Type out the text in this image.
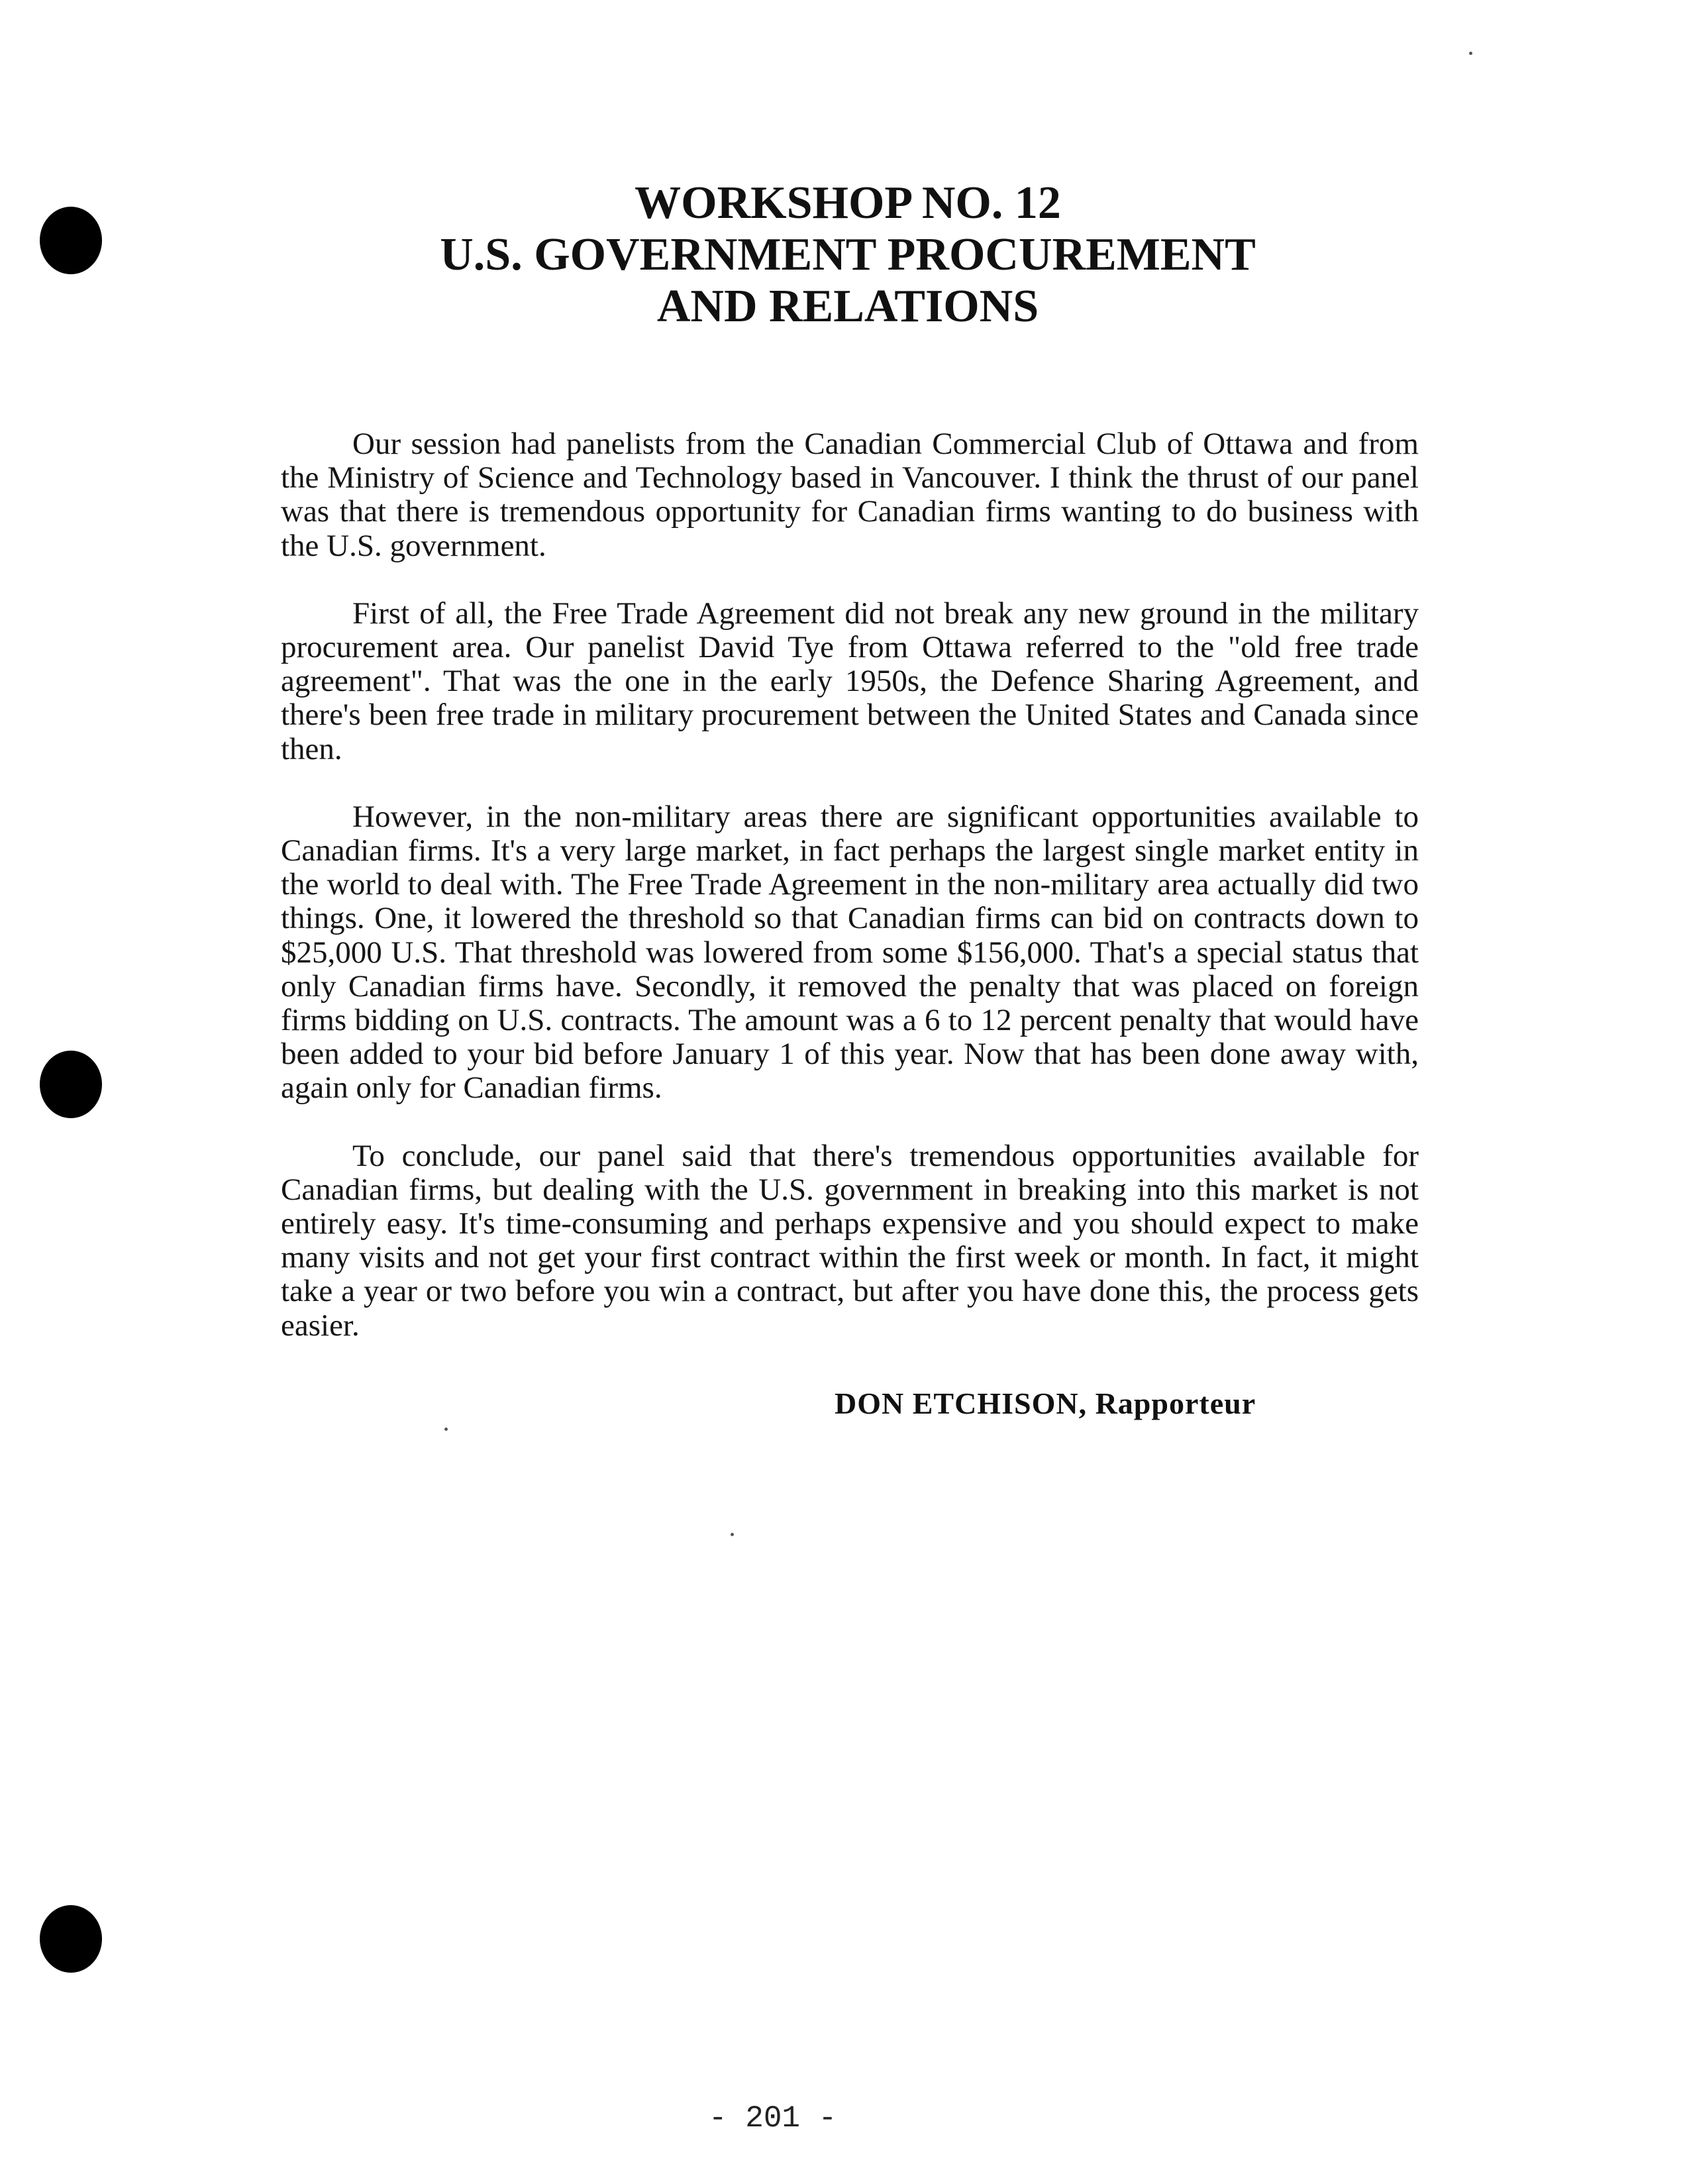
WORKSHOP NO. 12
U.S. GOVERNMENT PROCUREMENT
AND RELATIONS

Our session had panelists from the Canadian Commercial Club of Ottawa and from the Ministry of Science and Technology based in Vancouver. I think the thrust of our panel was that there is tremendous opportunity for Canadian firms wanting to do business with the U.S. government.

First of all, the Free Trade Agreement did not break any new ground in the military procurement area. Our panelist David Tye from Ottawa referred to the "old free trade agreement". That was the one in the early 1950s, the Defence Sharing Agreement, and there's been free trade in military procurement between the United States and Canada since then.

However, in the non-military areas there are significant opportunities available to Canadian firms. It's a very large market, in fact perhaps the largest single market entity in the world to deal with. The Free Trade Agreement in the non-military area actually did two things. One, it lowered the threshold so that Canadian firms can bid on contracts down to $25,000 U.S. That threshold was lowered from some $156,000. That's a special status that only Canadian firms have. Secondly, it removed the penalty that was placed on foreign firms bidding on U.S. contracts. The amount was a 6 to 12 percent penalty that would have been added to your bid before January 1 of this year. Now that has been done away with, again only for Canadian firms.

To conclude, our panel said that there's tremendous opportunities available for Canadian firms, but dealing with the U.S. government in breaking into this market is not entirely easy. It's time-consuming and perhaps expensive and you should expect to make many visits and not get your first contract within the first week or month. In fact, it might take a year or two before you win a contract, but after you have done this, the process gets easier.

DON ETCHISON, Rapporteur
- 201 -
